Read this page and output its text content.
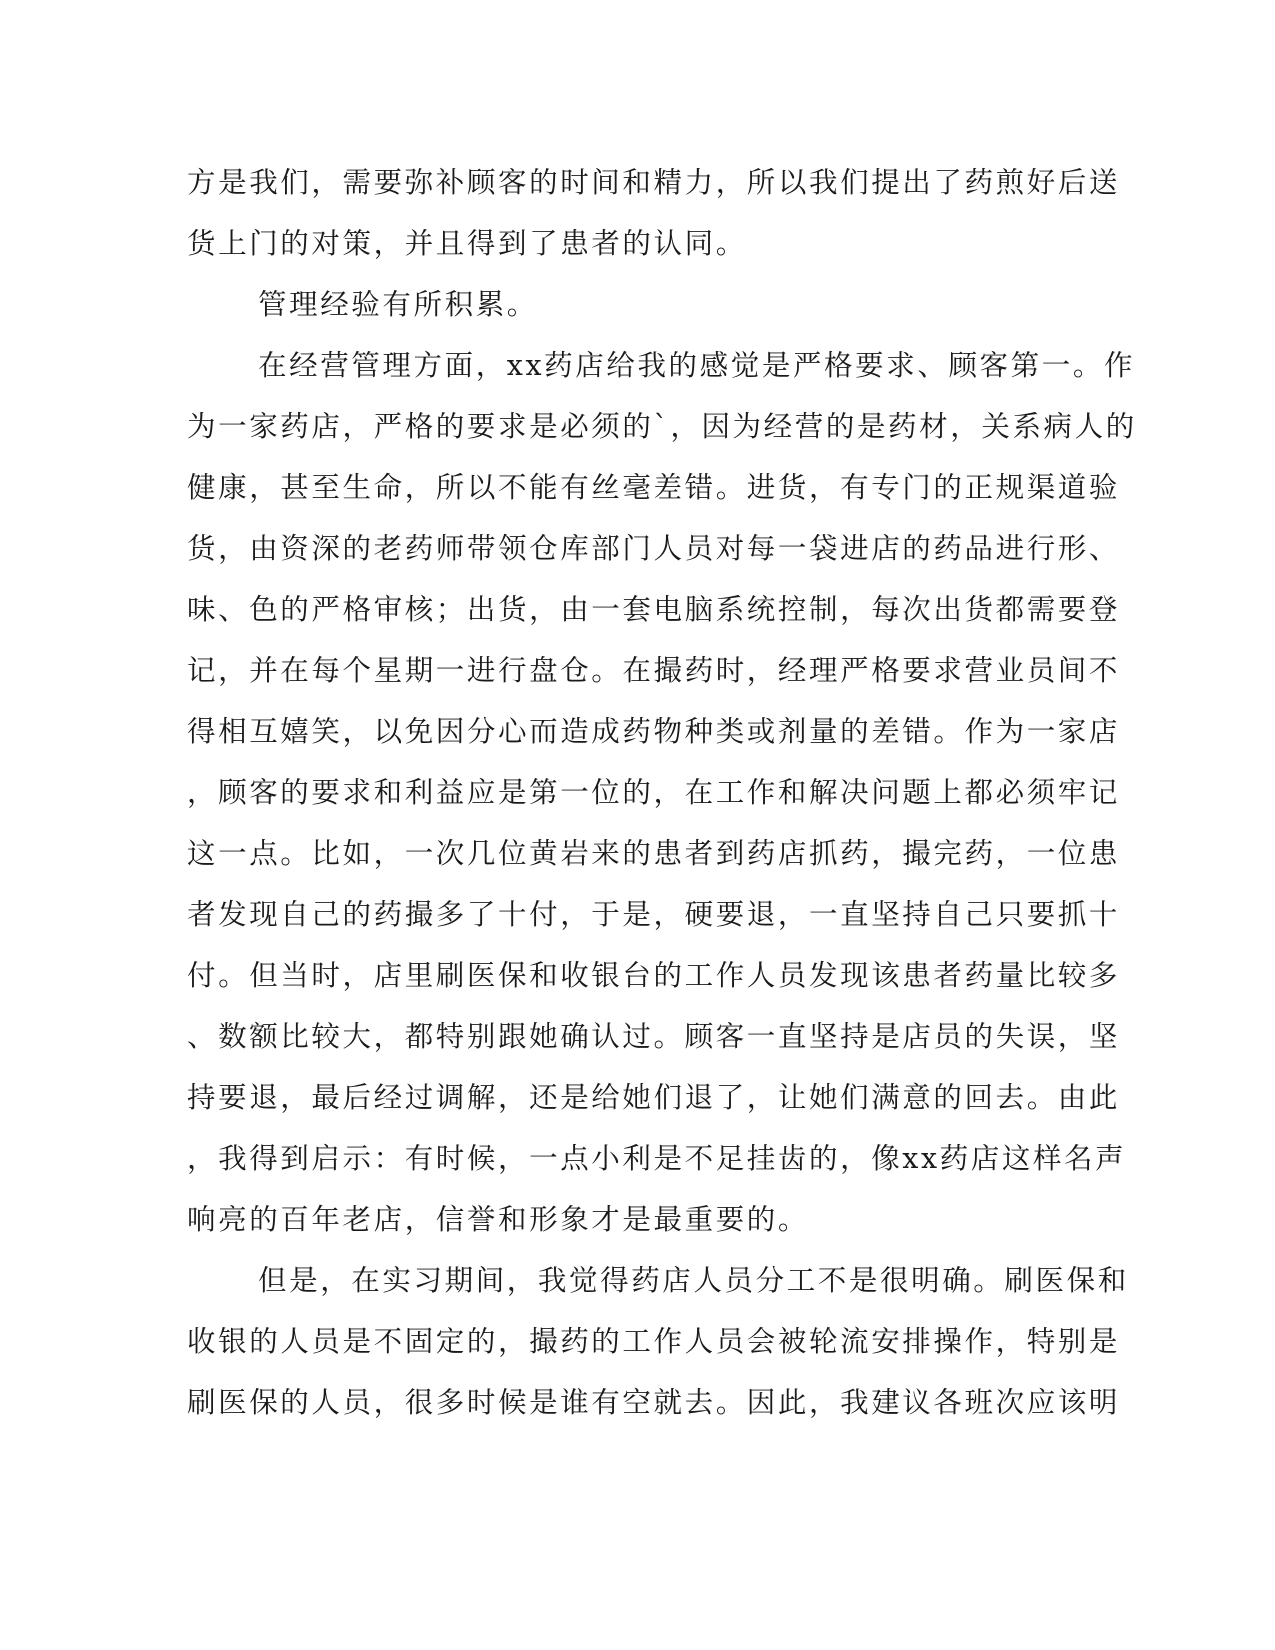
方是我们，需要弥补顾客的时间和精力，所以我们提出了药煎好后送
货上门的对策，并且得到了患者的认同。
管理经验有所积累。
在经营管理方面，xx药店给我的感觉是严格要求、顾客第一。作
为一家药店，严格的要求是必须的`，因为经营的是药材，关系病人的
健康，甚至生命，所以不能有丝毫差错。进货，有专门的正规渠道验
货，由资深的老药师带领仓库部门人员对每一袋进店的药品进行形、
味、色的严格审核；出货，由一套电脑系统控制，每次出货都需要登
记，并在每个星期一进行盘仓。在撮药时，经理严格要求营业员间不
得相互嬉笑，以免因分心而造成药物种类或剂量的差错。作为一家店
，顾客的要求和利益应是第一位的，在工作和解决问题上都必须牢记
这一点。比如，一次几位黄岩来的患者到药店抓药，撮完药，一位患
者发现自己的药撮多了十付，于是，硬要退，一直坚持自己只要抓十
付。但当时，店里刷医保和收银台的工作人员发现该患者药量比较多
、数额比较大，都特别跟她确认过。顾客一直坚持是店员的失误，坚
持要退，最后经过调解，还是给她们退了，让她们满意的回去。由此
，我得到启示：有时候，一点小利是不足挂齿的，像xx药店这样名声
响亮的百年老店，信誉和形象才是最重要的。
但是，在实习期间，我觉得药店人员分工不是很明确。刷医保和
收银的人员是不固定的，撮药的工作人员会被轮流安排操作，特别是
刷医保的人员，很多时候是谁有空就去。因此，我建议各班次应该明
